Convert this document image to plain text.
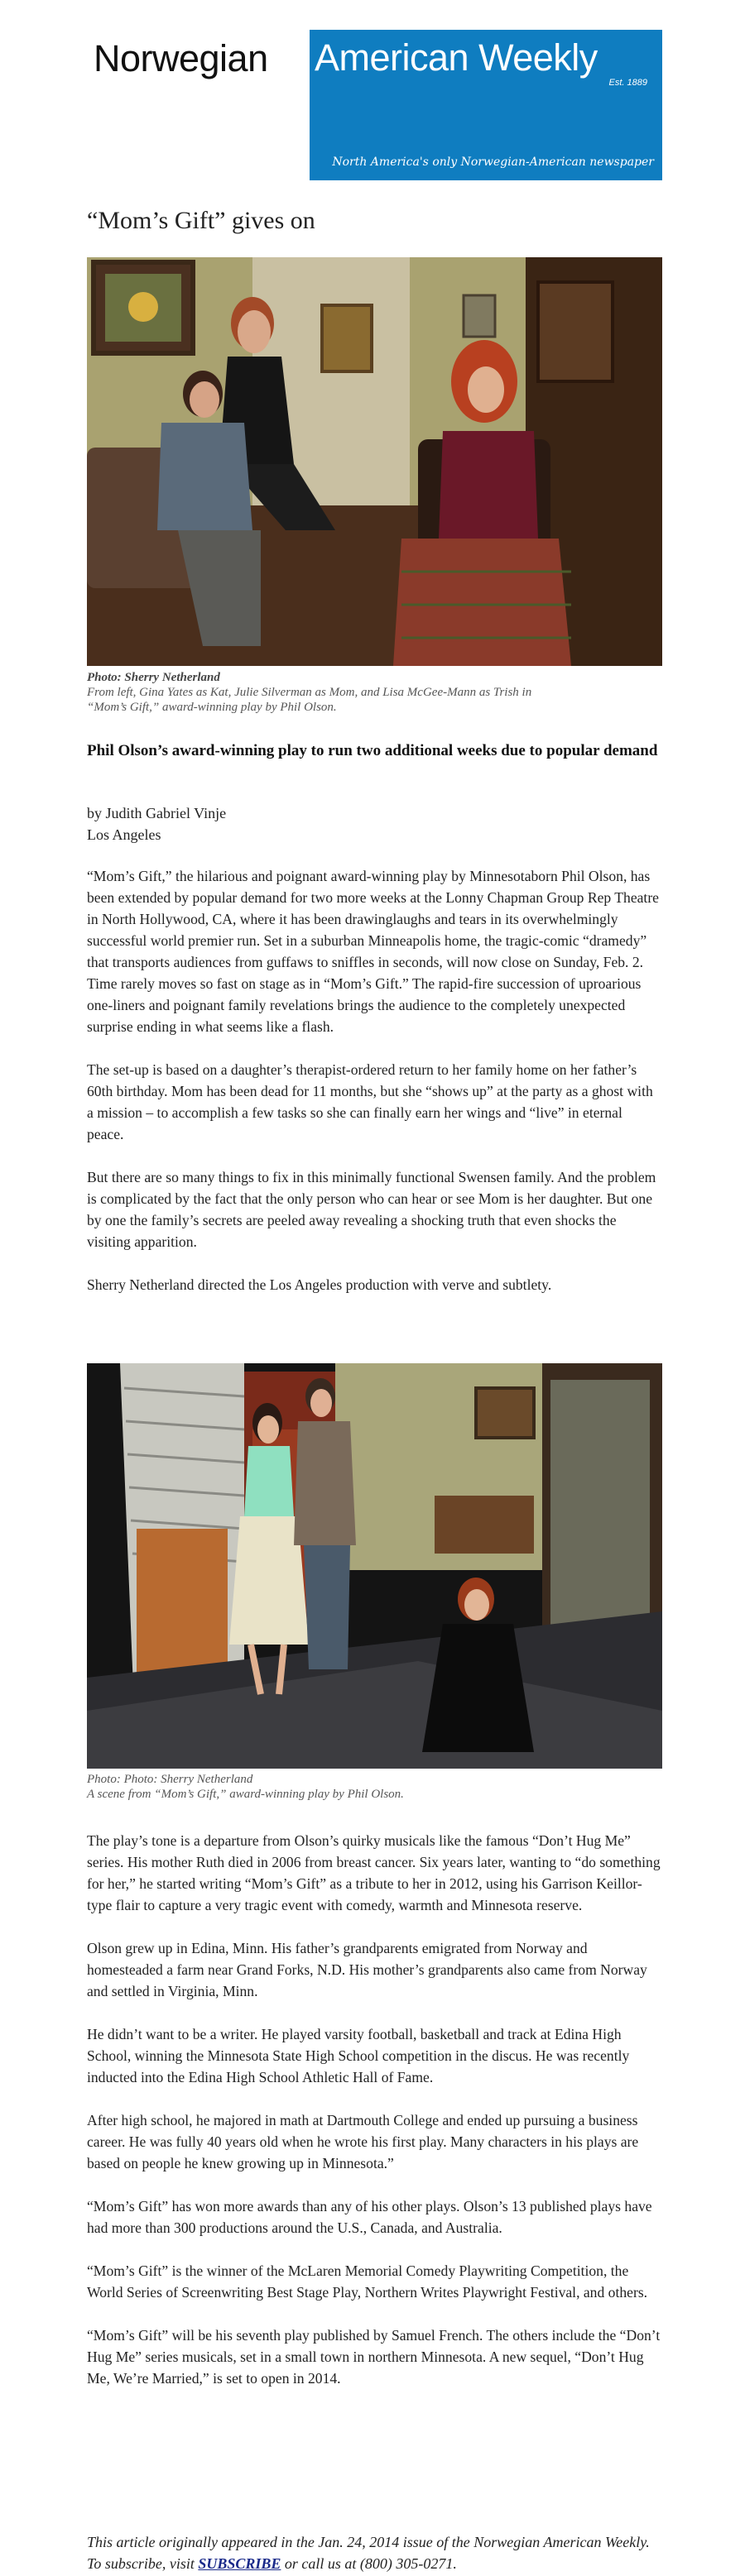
Norwegian	American Weekly
Est. 1889
North America's only Norwegian-American newspaper
“Mom’s Gift” gives on
Photo: Sherry Netherland
From left, Gina Yates as Kat, Julie Silverman as Mom, and Lisa McGee-Mann as Trish in
“Mom’s Gift,” award-winning play by Phil Olson.
Phil Olson’s award-winning play to run two additional weeks due to popular demand
by Judith Gabriel Vinje
Los Angeles

“Mom’s Gift,” the hilarious and poignant award-winning play by Minnesotaborn Phil Olson, has been extended by popular demand for two more weeks at the Lonny Chapman Group Rep Theatre in North Hollywood, CA, where it has been drawinglaughs and tears in its overwhelmingly successful world premier run. Set in a suburban Minneapolis home, the tragic-comic “dramedy” that transports audiences from guffaws to sniffles in seconds, will now close on Sunday, Feb. 2. Time rarely moves so fast on stage as in “Mom’s Gift.” The rapid-fire succession of uproarious one-liners and poignant family revelations brings the audience to the completely unexpected surprise ending in what seems like a flash.

The set-up is based on a daughter’s therapist-ordered return to her family home on her father’s 60th birthday. Mom has been dead for 11 months, but she “shows up” at the party as a ghost with a mission – to accomplish a few tasks so she can finally earn her wings and “live” in eternal peace.

But there are so many things to fix in this minimally functional Swensen family. And the problem is complicated by the fact that the only person who can hear or see Mom is her daughter. But one by one the family’s secrets are peeled away revealing a shocking truth that even shocks the visiting apparition.

Sherry Netherland directed the Los Angeles production with verve and subtlety.

Photo: Photo: Sherry Netherland
A scene from “Mom’s Gift,” award-winning play by Phil Olson.

The play’s tone is a departure from Olson’s quirky musicals like the famous “Don’t Hug Me” series. His mother Ruth died in 2006 from breast cancer. Six years later, wanting to “do something for her,” he started writing “Mom’s Gift” as a tribute to her in 2012, using his Garrison Keillor-type flair to capture a very tragic event with comedy, warmth and Minnesota reserve.

Olson grew up in Edina, Minn. His father’s grandparents emigrated from Norway and homesteaded a farm near Grand Forks, N.D. His mother’s grandparents also came from Norway and settled in Virginia, Minn.

He didn’t want to be a writer. He played varsity football, basketball and track at Edina High School, winning the Minnesota State High School competition in the discus. He was recently inducted into the Edina High School Athletic Hall of Fame.

After high school, he majored in math at Dartmouth College and ended up pursuing a business career. He was fully 40 years old when he wrote his first play. Many characters in his plays are based on people he knew growing up in Minnesota.”

“Mom’s Gift” has won more awards than any of his other plays. Olson’s 13 published plays have had more than 300 productions around the U.S., Canada, and Australia.

“Mom’s Gift” is the winner of the McLaren Memorial Comedy Playwriting Competition, the World Series of Screenwriting Best Stage Play, Northern Writes Playwright Festival, and others.

“Mom’s Gift” will be his seventh play published by Samuel French. The others include the “Don’t Hug Me” series musicals, set in a small town in northern Minnesota. A new sequel, “Don’t Hug Me, We’re Married,” is set to open in 2014.

This article originally appeared in the Jan. 24, 2014 issue of the Norwegian American Weekly. To subscribe, visit SUBSCRIBE or call us at (800) 305-0271.
